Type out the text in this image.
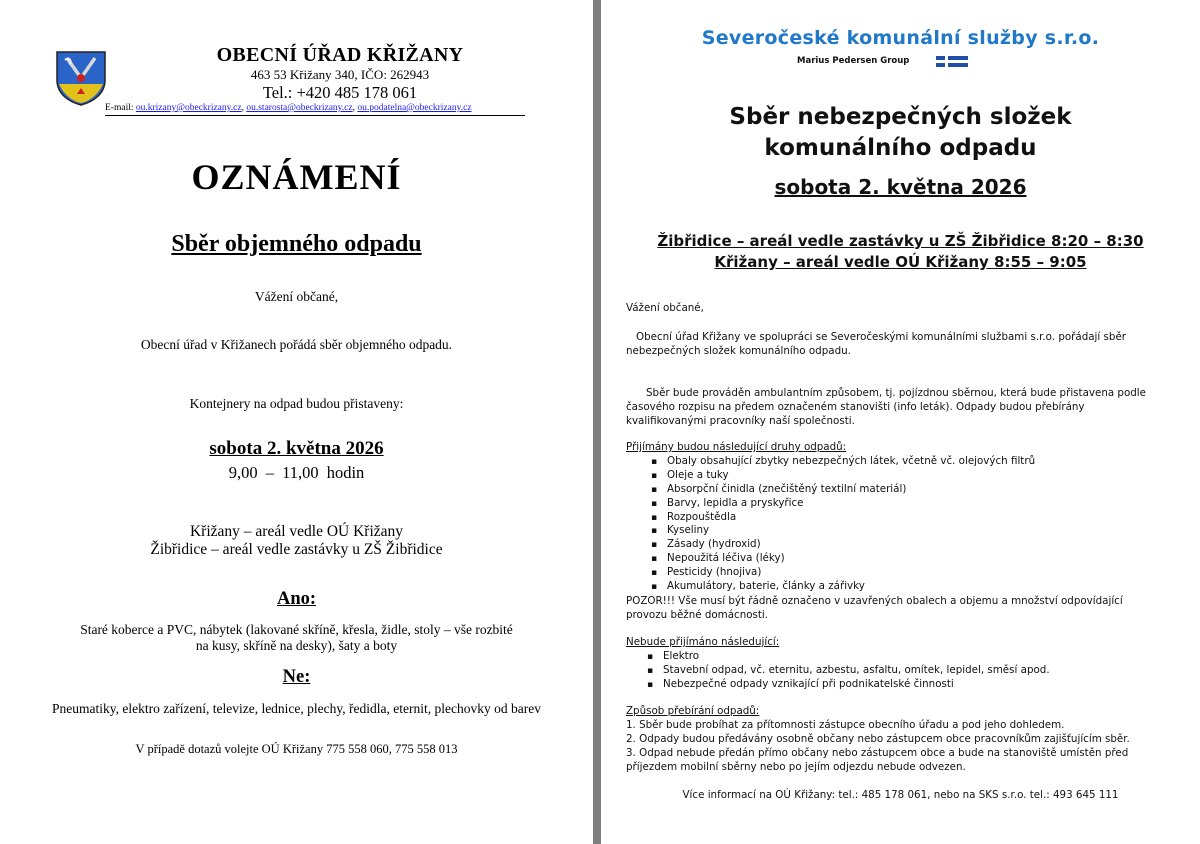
OBECNÍ ÚŘAD KŘIŽANY
463 53 Křižany 340, IČO: 262943
Tel.: +420 485 178 061
E-mail: ou.krizany@obeckrizany.cz, ou.starosta@obeckrizany.cz, ou.podatelna@obeckrizany.cz
OZNÁMENÍ
Sběr objemného odpadu
Vážení občané,
Obecní úřad v Křižanech pořádá sběr objemného odpadu.
Kontejnery na odpad budou přistaveny:
sobota 2. května 2026
9,00 – 11,00 hodin
Křižany – areál vedle OÚ Křižany
Žibřidice – areál vedle zastávky u ZŠ Žibřidice
Ano:
Staré koberce a PVC, nábytek (lakované skříně, křesla, židle, stoly – vše rozbité
na kusy, skříně na desky), šaty a boty
Ne:
Pneumatiky, elektro zařízení, televize, lednice, plechy, ředidla, eternit, plechovky od barev
V případě dotazů volejte OÚ Křižany 775 558 060, 775 558 013
Severočeské komunální služby s.r.o.
Marius Pedersen Group
Sběr nebezpečných složek
komunálního odpadu
sobota 2. května 2026
Žibřidice – areál vedle zastávky u ZŠ Žibřidice 8:20 – 8:30
Křižany – areál vedle OÚ Křižany 8:55 – 9:05
Vážení občané,
Obecní úřad Křižany ve spolupráci se Severočeskými komunálními službami s.r.o. pořádají sběr nebezpečných složek komunálního odpadu.
Sběr bude prováděn ambulantním způsobem, tj. pojízdnou sběrnou, která bude přistavena podle časového rozpisu na předem označeném stanovišti (info leták). Odpady budou přebírány kvalifikovanými pracovníky naší společnosti.
Přijímány budou následující druhy odpadů:
▪ Obaly obsahující zbytky nebezpečných látek, včetně vč. olejových filtrů
▪ Oleje a tuky
▪ Absorpční činidla (znečištěný textilní materiál)
▪ Barvy, lepidla a pryskyřice
▪ Rozpouštědla
▪ Kyseliny
▪ Zásady (hydroxid)
▪ Nepoužitá léčiva (léky)
▪ Pesticidy (hnojiva)
▪ Akumulátory, baterie, články a zářivky
POZOR!!! Vše musí být řádně označeno v uzavřených obalech a objemu a množství odpovídající provozu běžné domácnosti.
Nebude přijímáno následující:
▪ Elektro
▪ Stavební odpad, vč. eternitu, azbestu, asfaltu, omítek, lepidel, směsí apod.
▪ Nebezpečné odpady vznikající při podnikatelské činnosti
Způsob přebírání odpadů:
1. Sběr bude probíhat za přítomnosti zástupce obecního úřadu a pod jeho dohledem.
2. Odpady budou předávány osobně občany nebo zástupcem obce pracovníkům zajišťujícím sběr.
3. Odpad nebude předán přímo občany nebo zástupcem obce a bude na stanoviště umístěn před
příjezdem mobilní sběrny nebo po jejím odjezdu nebude odvezen.
Více informací na OÚ Křižany: tel.: 485 178 061, nebo na SKS s.r.o. tel.: 493 645 111
